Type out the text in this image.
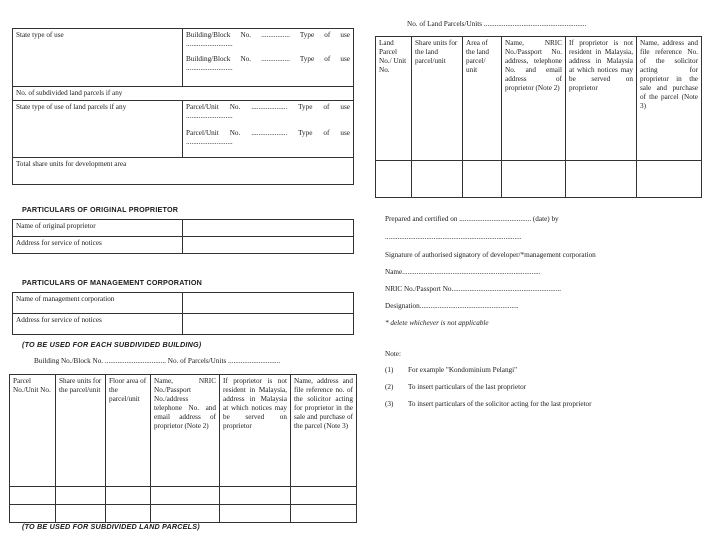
State type of use	Building/Block No. ................ Type of use ..........................
Building/Block No. ................ Type of use ..........................

No. of subdivided land parcels if any	
State type of use of land parcels if any	Parcel/Unit No. .................... Type of use ..........................
Parcel/Unit No. .................... Type of use ..........................

Total share units for development area	
PARTICULARS OF ORIGINAL PROPRIETOR
Name of original proprietor	
Address for service of notices	
PARTICULARS OF MANAGEMENT CORPORATION
Name of management corporation	
Address for service of notices	
(TO BE USED FOR EACH SUBDIVIDED BUILDING)
Building No./Block No. .................................. No. of Parcels/Units .............................
Parcel No./Unit No.	Share units for the parcel/unit	Floor area of the parcel/unit	Name, NRIC No./Passport No./address telephone No. and email address of proprietor (Note 2)	If proprietor is not resident in Malaysia, address in Malaysia at which notices may be served on proprietor	Name, address and file reference no. of the solicitor acting for proprietor in the sale and purchase of the parcel (Note 3)

(TO BE USED FOR SUBDIVIDED LAND PARCELS)
No. of Land Parcels/Units .........................................................
Land Parcel No./ Unit No.	Share units for the land parcel/unit	Area of the land parcel/ unit	Name, NRIC No./Passport No. address, telephone No. and email address of proprietor (Note 2)	If proprietor is not resident in Malaysia, address in Malaysia at which notices may be served on proprietor	Name, address and file reference No. of the solicitor acting for proprietor in the sale and purchase of the parcel (Note 3)

Prepared and certified on ........................................ (date) by
............................................................................
Signature of authorised signatory of developer/*management corporation
Name.............................................................................
NRIC No./Passport No.............................................................
Designation.......................................................
* delete whichever is not applicable
Note:
(1) For example "Kondominium Pelangi"
(2) To insert particulars of the last proprietor
(3) To insert particulars of the solicitor acting for the last proprietor
